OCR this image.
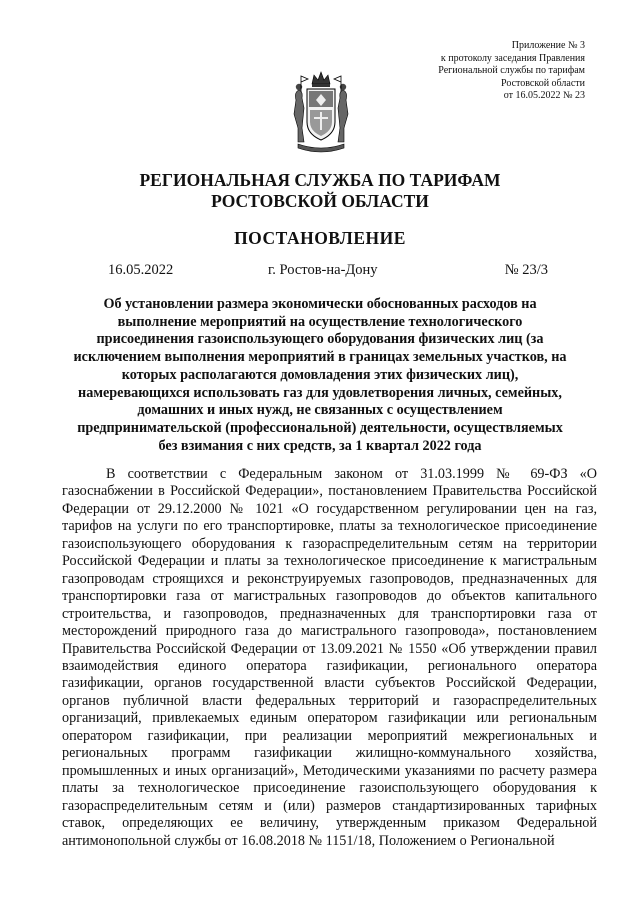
Приложение № 3
к протоколу заседания Правления
Региональной службы по тарифам
Ростовской области
от 16.05.2022 № 23
РЕГИОНАЛЬНАЯ СЛУЖБА ПО ТАРИФАМ
РОСТОВСКОЙ ОБЛАСТИ
ПОСТАНОВЛЕНИЕ
16.05.2022	г. Ростов-на-Дону	№ 23/3
Об установлении размера экономически обоснованных расходов на
выполнение мероприятий на осуществление технологического
присоединения газоиспользующего оборудования физических лиц (за
исключением выполнения мероприятий в границах земельных участков, на
которых располагаются домовладения этих физических лиц),
намеревающихся использовать газ для удовлетворения личных, семейных,
домашних и иных нужд, не связанных с осуществлением
предпринимательской (профессиональной) деятельности, осуществляемых
без взимания с них средств, за 1 квартал 2022 года

В соответствии с Федеральным законом от 31.03.1999 № 69-ФЗ «О газоснабжении в Российской Федерации», постановлением Правительства Российской Федерации от 29.12.2000 № 1021 «О государственном регулировании цен на газ, тарифов на услуги по его транспортировке, платы за технологическое присоединение газоиспользующего оборудования к газораспределительным сетям на территории Российской Федерации и платы за технологическое присоединение к магистральным газопроводам строящихся и реконструируемых газопроводов, предназначенных для транспортировки газа от магистральных газопроводов до объектов капитального строительства, и газопроводов, предназначенных для транспортировки газа от месторождений природного газа до магистрального газопровода», постановлением Правительства Российской Федерации от 13.09.2021 № 1550 «Об утверждении правил взаимодействия единого оператора газификации, регионального оператора газификации, органов государственной власти субъектов Российской Федерации, органов публичной власти федеральных территорий и газораспределительных организаций, привлекаемых единым оператором газификации или региональным оператором газификации, при реализации мероприятий межрегиональных и региональных программ газификации жилищно-коммунального хозяйства, промышленных и иных организаций», Методическими указаниями по расчету размера платы за технологическое присоединение газоиспользующего оборудования к газораспределительным сетям и (или) размеров стандартизированных тарифных ставок, определяющих ее величину, утвержденным приказом Федеральной антимонопольной службы от 16.08.2018 № 1151/18, Положением о Региональной
